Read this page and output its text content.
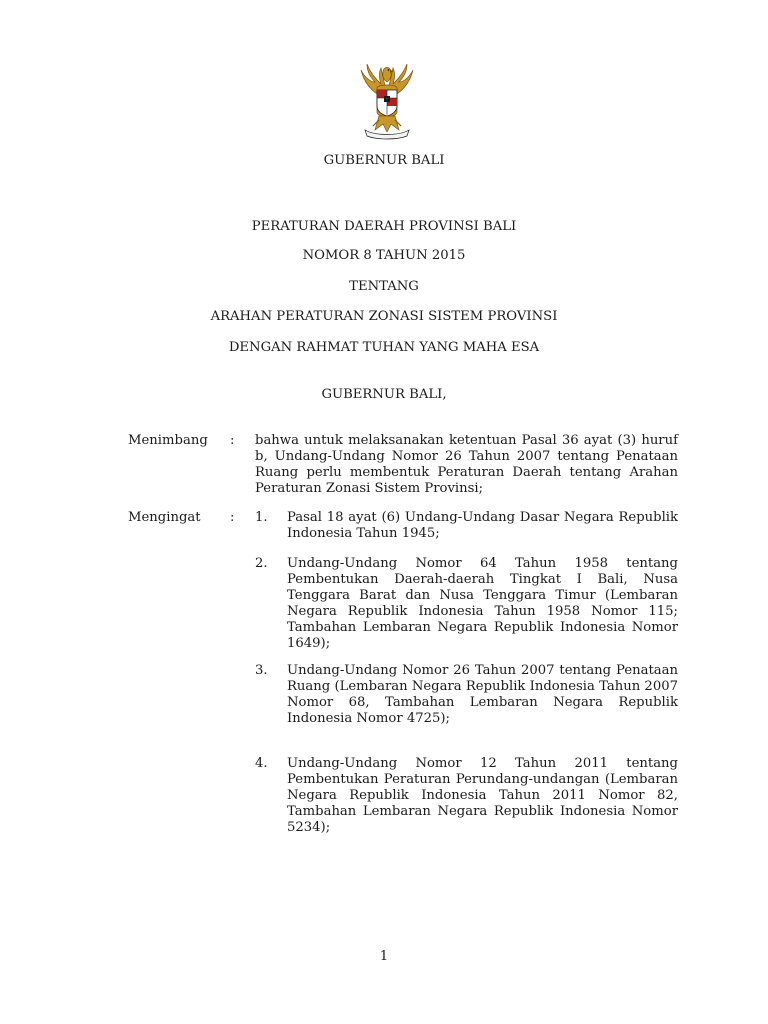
GUBERNUR BALI
PERATURAN DAERAH PROVINSI BALI
NOMOR 8 TAHUN 2015
TENTANG
ARAHAN PERATURAN ZONASI SISTEM PROVINSI
DENGAN RAHMAT TUHAN YANG MAHA ESA
GUBERNUR BALI,
Menimbang : bahwa untuk melaksanakan ketentuan Pasal 36 ayat (3) huruf b, Undang-Undang Nomor 26 Tahun 2007 tentang Penataan Ruang perlu membentuk Peraturan Daerah tentang Arahan Peraturan Zonasi Sistem Provinsi;
Mengingat : 1. Pasal 18 ayat (6) Undang-Undang Dasar Negara Republik Indonesia Tahun 1945;
2. Undang-Undang Nomor 64 Tahun 1958 tentang Pembentukan Daerah-daerah Tingkat I Bali, Nusa Tenggara Barat dan Nusa Tenggara Timur (Lembaran Negara Republik Indonesia Tahun 1958 Nomor 115; Tambahan Lembaran Negara Republik Indonesia Nomor 1649);
3. Undang-Undang Nomor 26 Tahun 2007 tentang Penataan Ruang (Lembaran Negara Republik Indonesia Tahun 2007 Nomor 68, Tambahan Lembaran Negara Republik Indonesia Nomor 4725);
4. Undang-Undang Nomor 12 Tahun 2011 tentang Pembentukan Peraturan Perundang-undangan (Lembaran Negara Republik Indonesia Tahun 2011 Nomor 82, Tambahan Lembaran Negara Republik Indonesia Nomor 5234);
1
